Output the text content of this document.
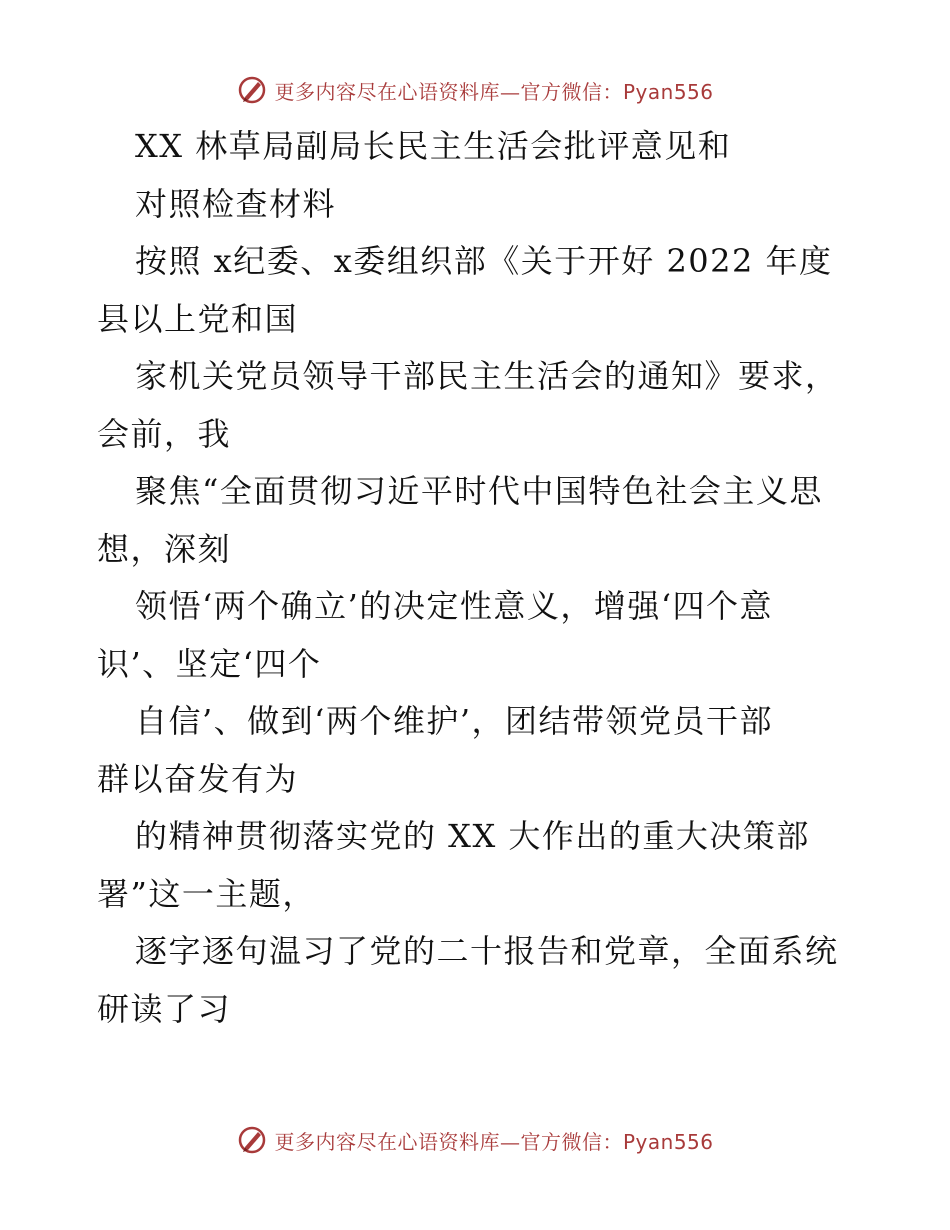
更多内容尽在心语资料库—官方微信：Pyan556
XX 林草局副局长民主生活会批评意见和
对照检查材料
按照 x纪委、x委组织部《关于开好 2022 年度
县以上党和国
家机关党员领导干部民主生活会的通知》要求，
会前，我
聚焦“全面贯彻习近平时代中国特色社会主义思
想，深刻
领悟‘两个确立’的决定性意义，增强‘四个意
识’、坚定‘四个
自信’、做到‘两个维护’，团结带领党员干部
群以奋发有为
的精神贯彻落实党的 XX 大作出的重大决策部
署”这一主题，
逐字逐句温习了党的二十报告和党章，全面系统
研读了习
更多内容尽在心语资料库—官方微信：Pyan556
